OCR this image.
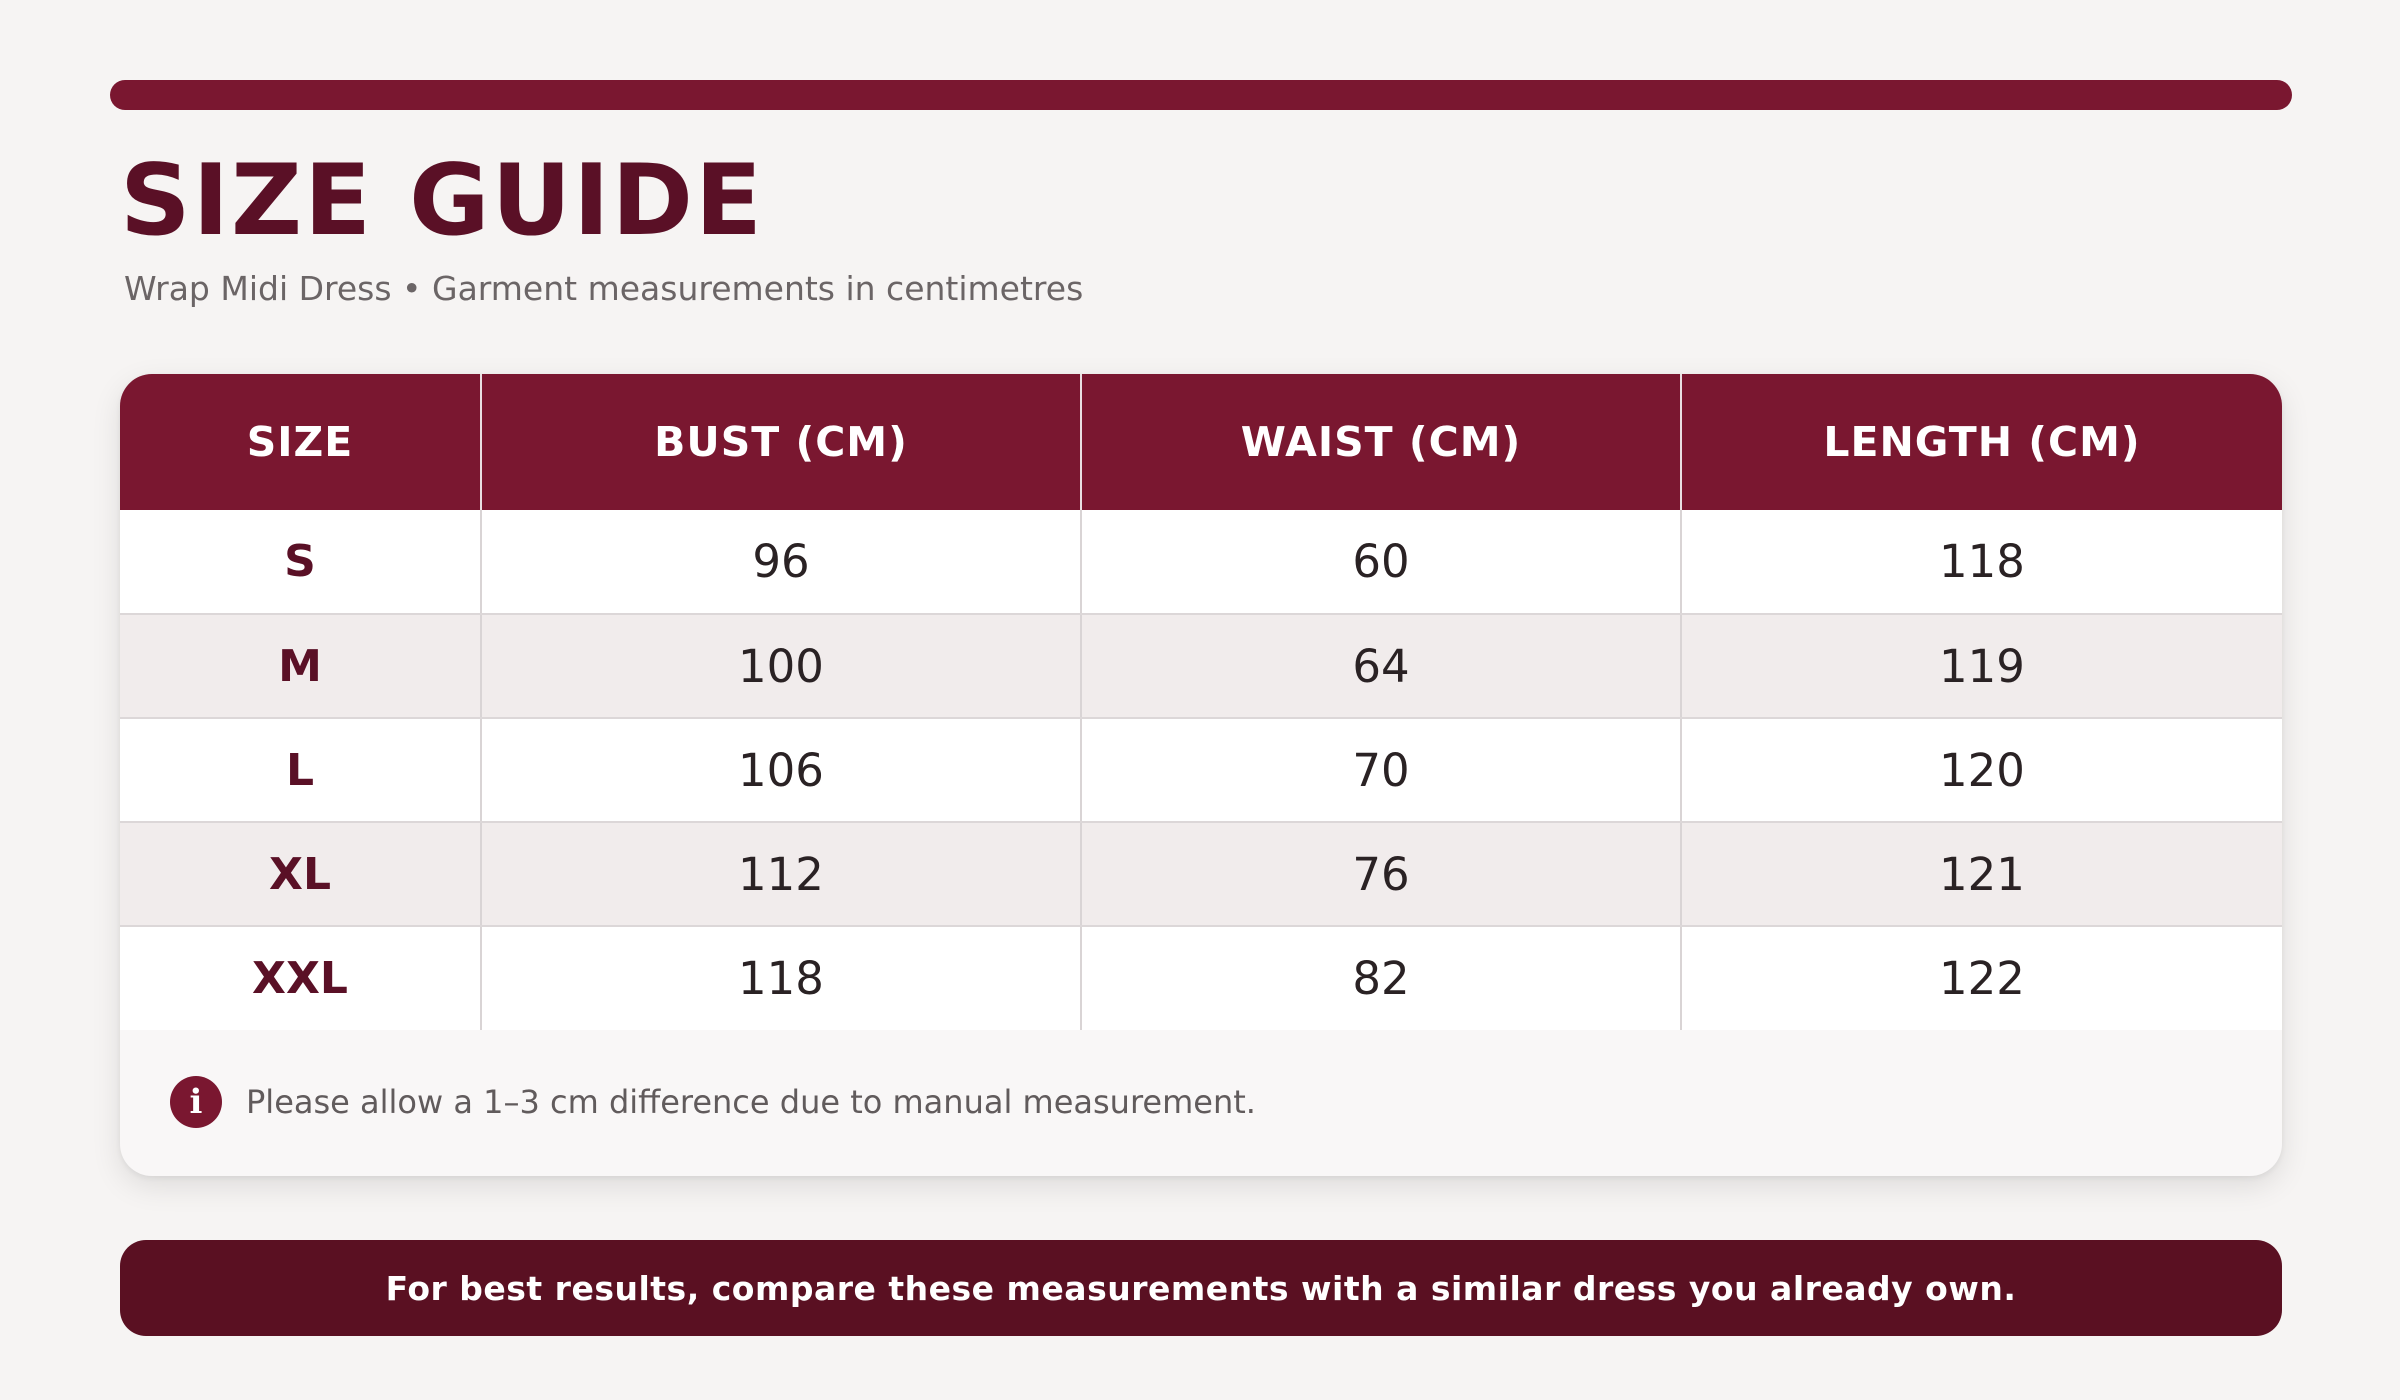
SIZE GUIDE
Wrap Midi Dress • Garment measurements in centimetres
SIZE	BUST (CM)	WAIST (CM)	LENGTH (CM)
S	96	60	118
M	100	64	119
L	106	70	120
XL	112	76	121
XXL	118	82	122
i	Please allow a 1–3 cm difference due to manual measurement.
For best results, compare these measurements with a similar dress you already own.
